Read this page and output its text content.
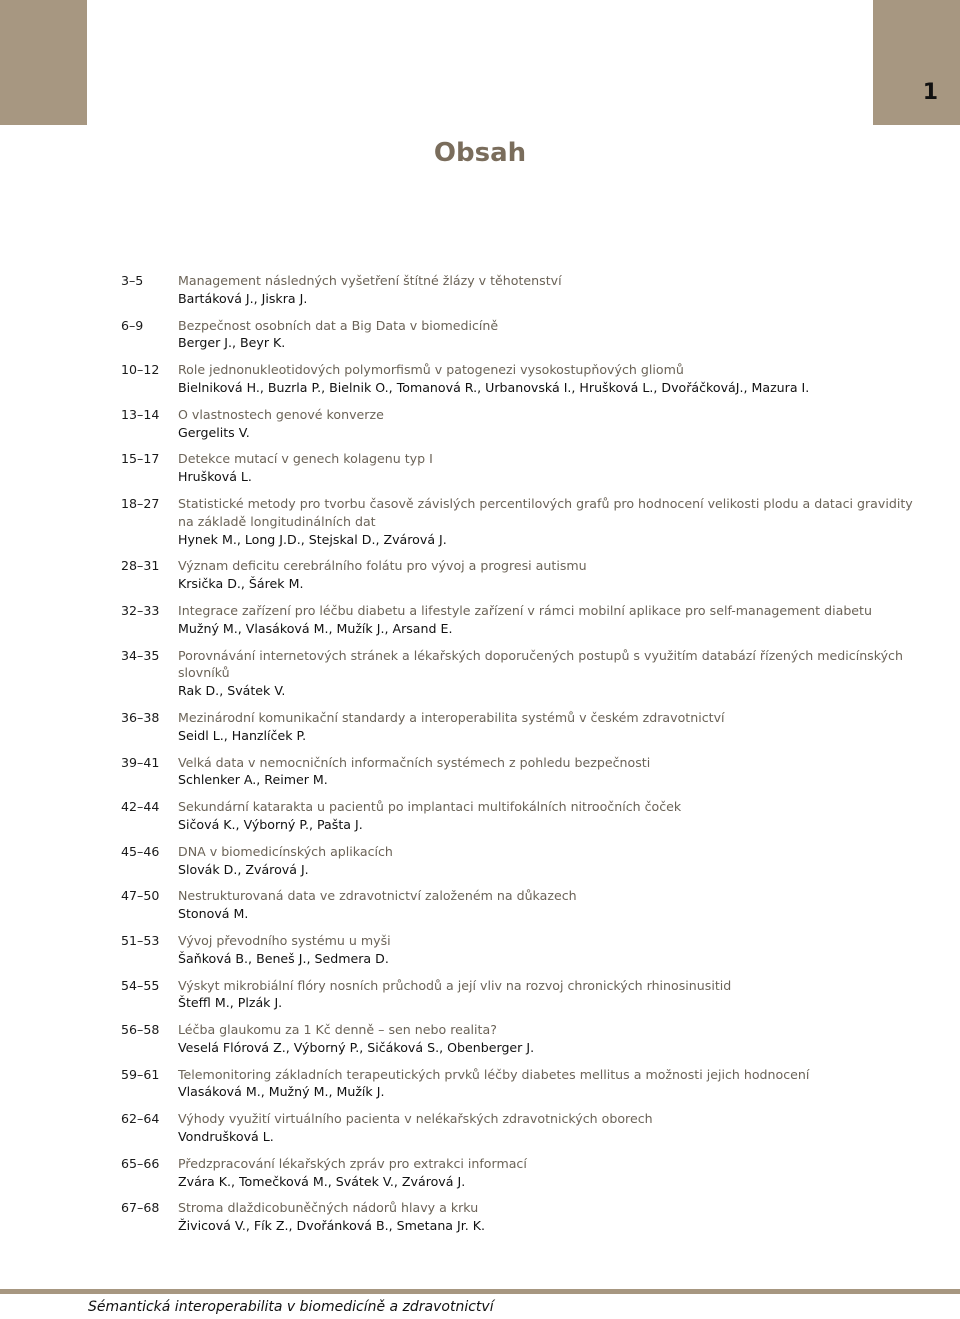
1
Obsah
3–5	Management následných vyšetření štítné žlázy v těhotenství
Bartáková J., Jiskra J.
6–9	Bezpečnost osobních dat a Big Data v biomedicíně
Berger J., Beyr K.
10–12	Role jednonukleotidových polymorfismů v patogenezi vysokostupňových gliomů
Bielniková H., Buzrla P., Bielnik O., Tomanová R., Urbanovská I., Hrušková L., DvořáčkováJ., Mazura I.
13–14	O vlastnostech genové konverze
Gergelits V.
15–17	Detekce mutací v genech kolagenu typ I
Hrušková L.
18–27	Statistické metody pro tvorbu časově závislých percentilových grafů pro hodnocení velikosti plodu a dataci gravidity na základě longitudinálních dat
Hynek M., Long J.D., Stejskal D., Zvárová J.
28–31	Význam deficitu cerebrálního folátu pro vývoj a progresi autismu
Krsička D., Šárek M.
32–33	Integrace zařízení pro léčbu diabetu a lifestyle zařízení v rámci mobilní aplikace pro self-management diabetu
Mužný M., Vlasáková M., Mužík J., Arsand E.
34–35	Porovnávání internetových stránek a lékařských doporučených postupů s využitím databází řízených medicínských slovníků
Rak D., Svátek V.
36–38	Mezinárodní komunikační standardy a interoperabilita systémů v českém zdravotnictví
Seidl L., Hanzlíček P.
39–41	Velká data v nemocničních informačních systémech z pohledu bezpečnosti
Schlenker A., Reimer M.
42–44	Sekundární katarakta u pacientů po implantaci multifokálních nitroočních čoček
Sičová K., Výborný P., Pašta J.
45–46	DNA v biomedicínských aplikacích
Slovák D., Zvárová J.
47–50	Nestrukturovaná data ve zdravotnictví založeném na důkazech
Stonová M.
51–53	Vývoj převodního systému u myši
Šaňková B., Beneš J., Sedmera D.
54–55	Výskyt mikrobiální flóry nosních průchodů a její vliv na rozvoj chronických rhinosinusitid
Šteffl M., Plzák J.
56–58	Léčba glaukomu za 1 Kč denně – sen nebo realita?
Veselá Flórová Z., Výborný P., Sičáková S., Obenberger J.
59–61	Telemonitoring základních terapeutických prvků léčby diabetes mellitus a možnosti jejich hodnocení
Vlasáková M., Mužný M., Mužík J.
62–64	Výhody využití virtuálního pacienta v nelékařských zdravotnických oborech
Vondrušková L.
65–66	Předzpracování lékařských zpráv pro extrakci informací
Zvára K., Tomečková M., Svátek V., Zvárová J.
67–68	Stroma dlaždicobuněčných nádorů hlavy a krku
Živicová V., Fík Z., Dvořánková B., Smetana Jr. K.
Sémantická interoperabilita v biomedicíně a zdravotnictví
